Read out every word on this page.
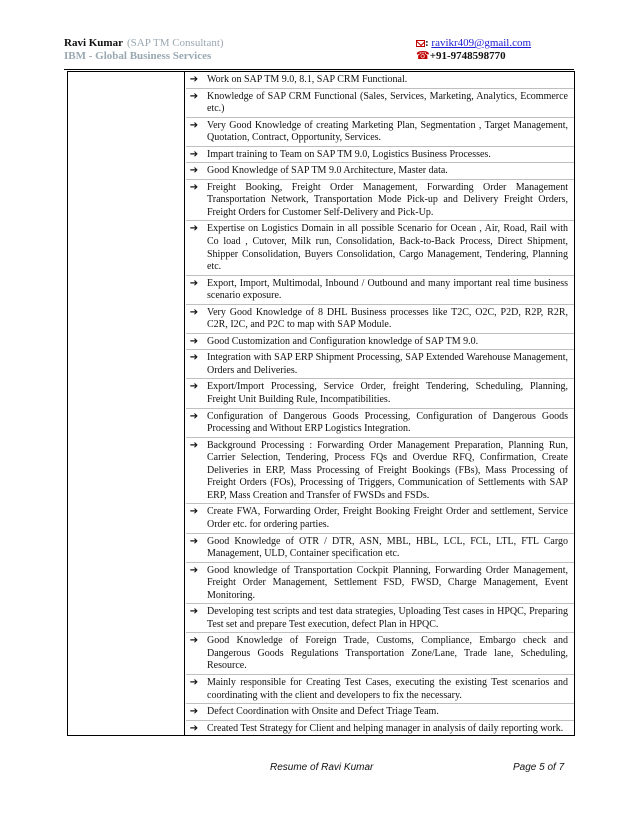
Ravi Kumar (SAP TM Consultant)	: ravikr409@gmail.com
IBM - Global Business Services	☎+91-9748598770
➔ Work on SAP TM 9.0, 8.1, SAP CRM Functional.
➔ Knowledge of SAP CRM Functional (Sales, Services, Marketing, Analytics, Ecommerce etc.)
➔ Very Good Knowledge of creating Marketing Plan, Segmentation , Target Management, Quotation, Contract, Opportunity, Services.
➔ Impart training to Team on SAP TM 9.0, Logistics Business Processes.
➔ Good Knowledge of SAP TM 9.0 Architecture, Master data.
➔ Freight Booking, Freight Order Management, Forwarding Order Management Transportation Network, Transportation Mode Pick-up and Delivery Freight Orders, Freight Orders for Customer Self-Delivery and Pick-Up.
➔ Expertise on Logistics Domain in all possible Scenario for Ocean , Air, Road, Rail with Co load , Cutover, Milk run, Consolidation, Back-to-Back Process, Direct Shipment, Shipper Consolidation, Buyers Consolidation, Cargo Management, Tendering, Planning etc.
➔ Export, Import, Multimodal, Inbound / Outbound and many important real time business scenario exposure.
➔ Very Good Knowledge of 8 DHL Business processes like T2C, O2C, P2D, R2P, R2R, C2R, I2C, and P2C to map with SAP Module.
➔ Good Customization and Configuration knowledge of SAP TM 9.0.
➔ Integration with SAP ERP Shipment Processing, SAP Extended Warehouse Management, Orders and Deliveries.
➔ Export/Import Processing, Service Order, freight Tendering, Scheduling, Planning, Freight Unit Building Rule, Incompatibilities.
➔ Configuration of Dangerous Goods Processing, Configuration of Dangerous Goods Processing and Without ERP Logistics Integration.
➔ Background Processing : Forwarding Order Management Preparation, Planning Run, Carrier Selection, Tendering, Process FQs and Overdue RFQ, Confirmation, Create Deliveries in ERP, Mass Processing of Freight Bookings (FBs), Mass Processing of Freight Orders (FOs), Processing of Triggers, Communication of Settlements with SAP ERP, Mass Creation and Transfer of FWSDs and FSDs.
➔ Create FWA, Forwarding Order, Freight Booking Freight Order and settlement, Service Order etc. for ordering parties.
➔ Good Knowledge of OTR / DTR, ASN, MBL, HBL, LCL, FCL, LTL, FTL Cargo Management, ULD, Container specification etc.
➔ Good knowledge of Transportation Cockpit Planning, Forwarding Order Management, Freight Order Management, Settlement FSD, FWSD, Charge Management, Event Monitoring.
➔ Developing test scripts and test data strategies, Uploading Test cases in HPQC, Preparing Test set and prepare Test execution, defect Plan in HPQC.
➔ Good Knowledge of Foreign Trade, Customs, Compliance, Embargo check and Dangerous Goods Regulations Transportation Zone/Lane, Trade lane, Scheduling, Resource.
➔ Mainly responsible for Creating Test Cases, executing the existing Test scenarios and coordinating with the client and developers to fix the necessary.
➔ Defect Coordination with Onsite and Defect Triage Team.
➔ Created Test Strategy for Client and helping manager in analysis of daily reporting work.
Resume of Ravi Kumar	Page 5 of 7
